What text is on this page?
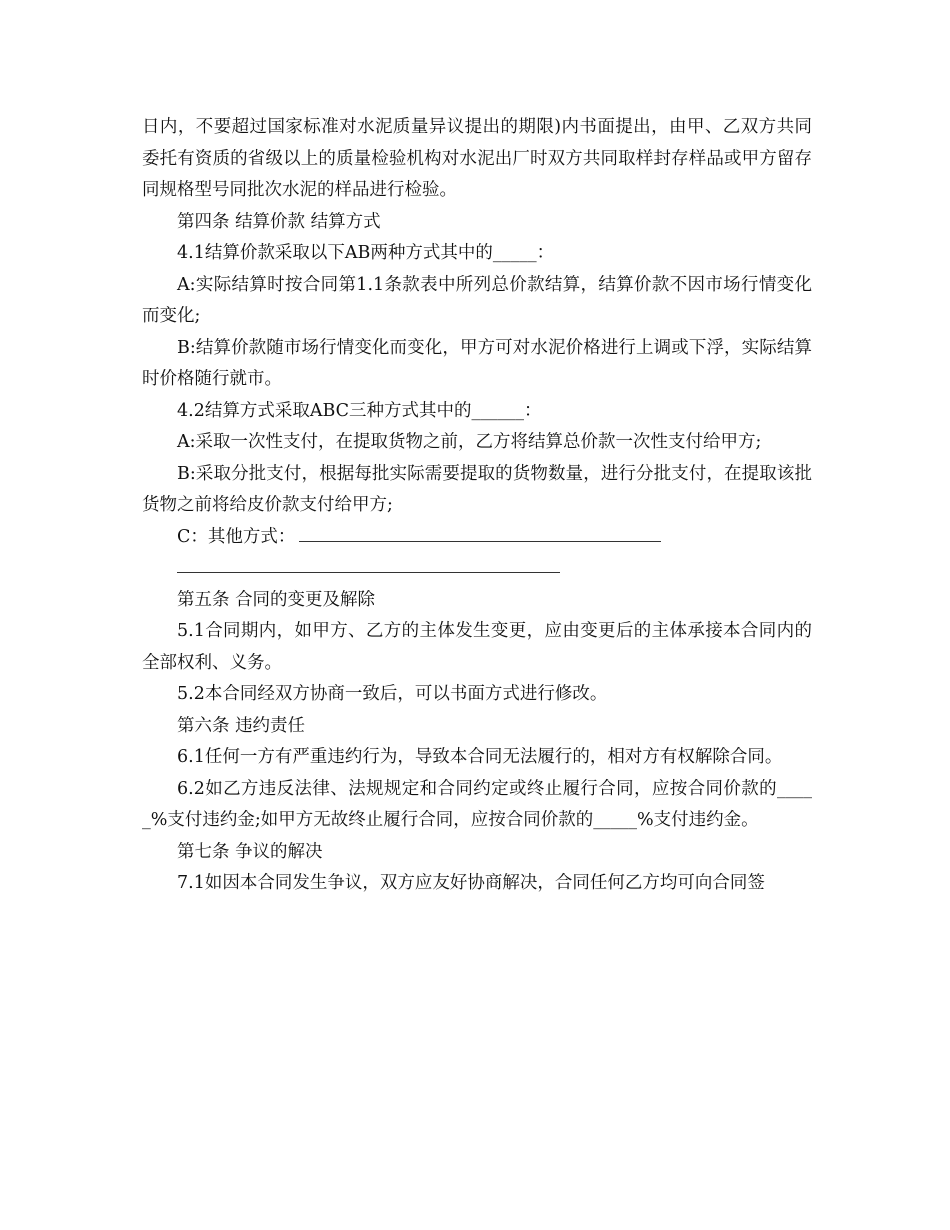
日内，不要超过国家标准对水泥质量异议提出的期限)内书面提出，由甲、乙双方共同委托有资质的省级以上的质量检验机构对水泥出厂时双方共同取样封存样品或甲方留存同规格型号同批次水泥的样品进行检验。

第四条 结算价款 结算方式

4.1结算价款采取以下AB两种方式其中的_____：

A:实际结算时按合同第1.1条款表中所列总价款结算，结算价款不因市场行情变化而变化;

B:结算价款随市场行情变化而变化，甲方可对水泥价格进行上调或下浮，实际结算时价格随行就市。

4.2结算方式采取ABC三种方式其中的______：

A:采取一次性支付，在提取货物之前，乙方将结算总价款一次性支付给甲方;

B:采取分批支付，根据每批实际需要提取的货物数量，进行分批支付，在提取该批货物之前将给皮价款支付给甲方;

C：其他方式：

第五条 合同的变更及解除

5.1合同期内，如甲方、乙方的主体发生变更，应由变更后的主体承接本合同内的全部权利、义务。

5.2本合同经双方协商一致后，可以书面方式进行修改。

第六条 违约责任

6.1任何一方有严重违约行为，导致本合同无法履行的，相对方有权解除合同。

6.2如乙方违反法律、法规规定和合同约定或终止履行合同，应按合同价款的_____%支付违约金;如甲方无故终止履行合同，应按合同价款的_____%支付违约金。

第七条 争议的解决

7.1如因本合同发生争议，双方应友好协商解决，合同任何乙方均可向合同签
